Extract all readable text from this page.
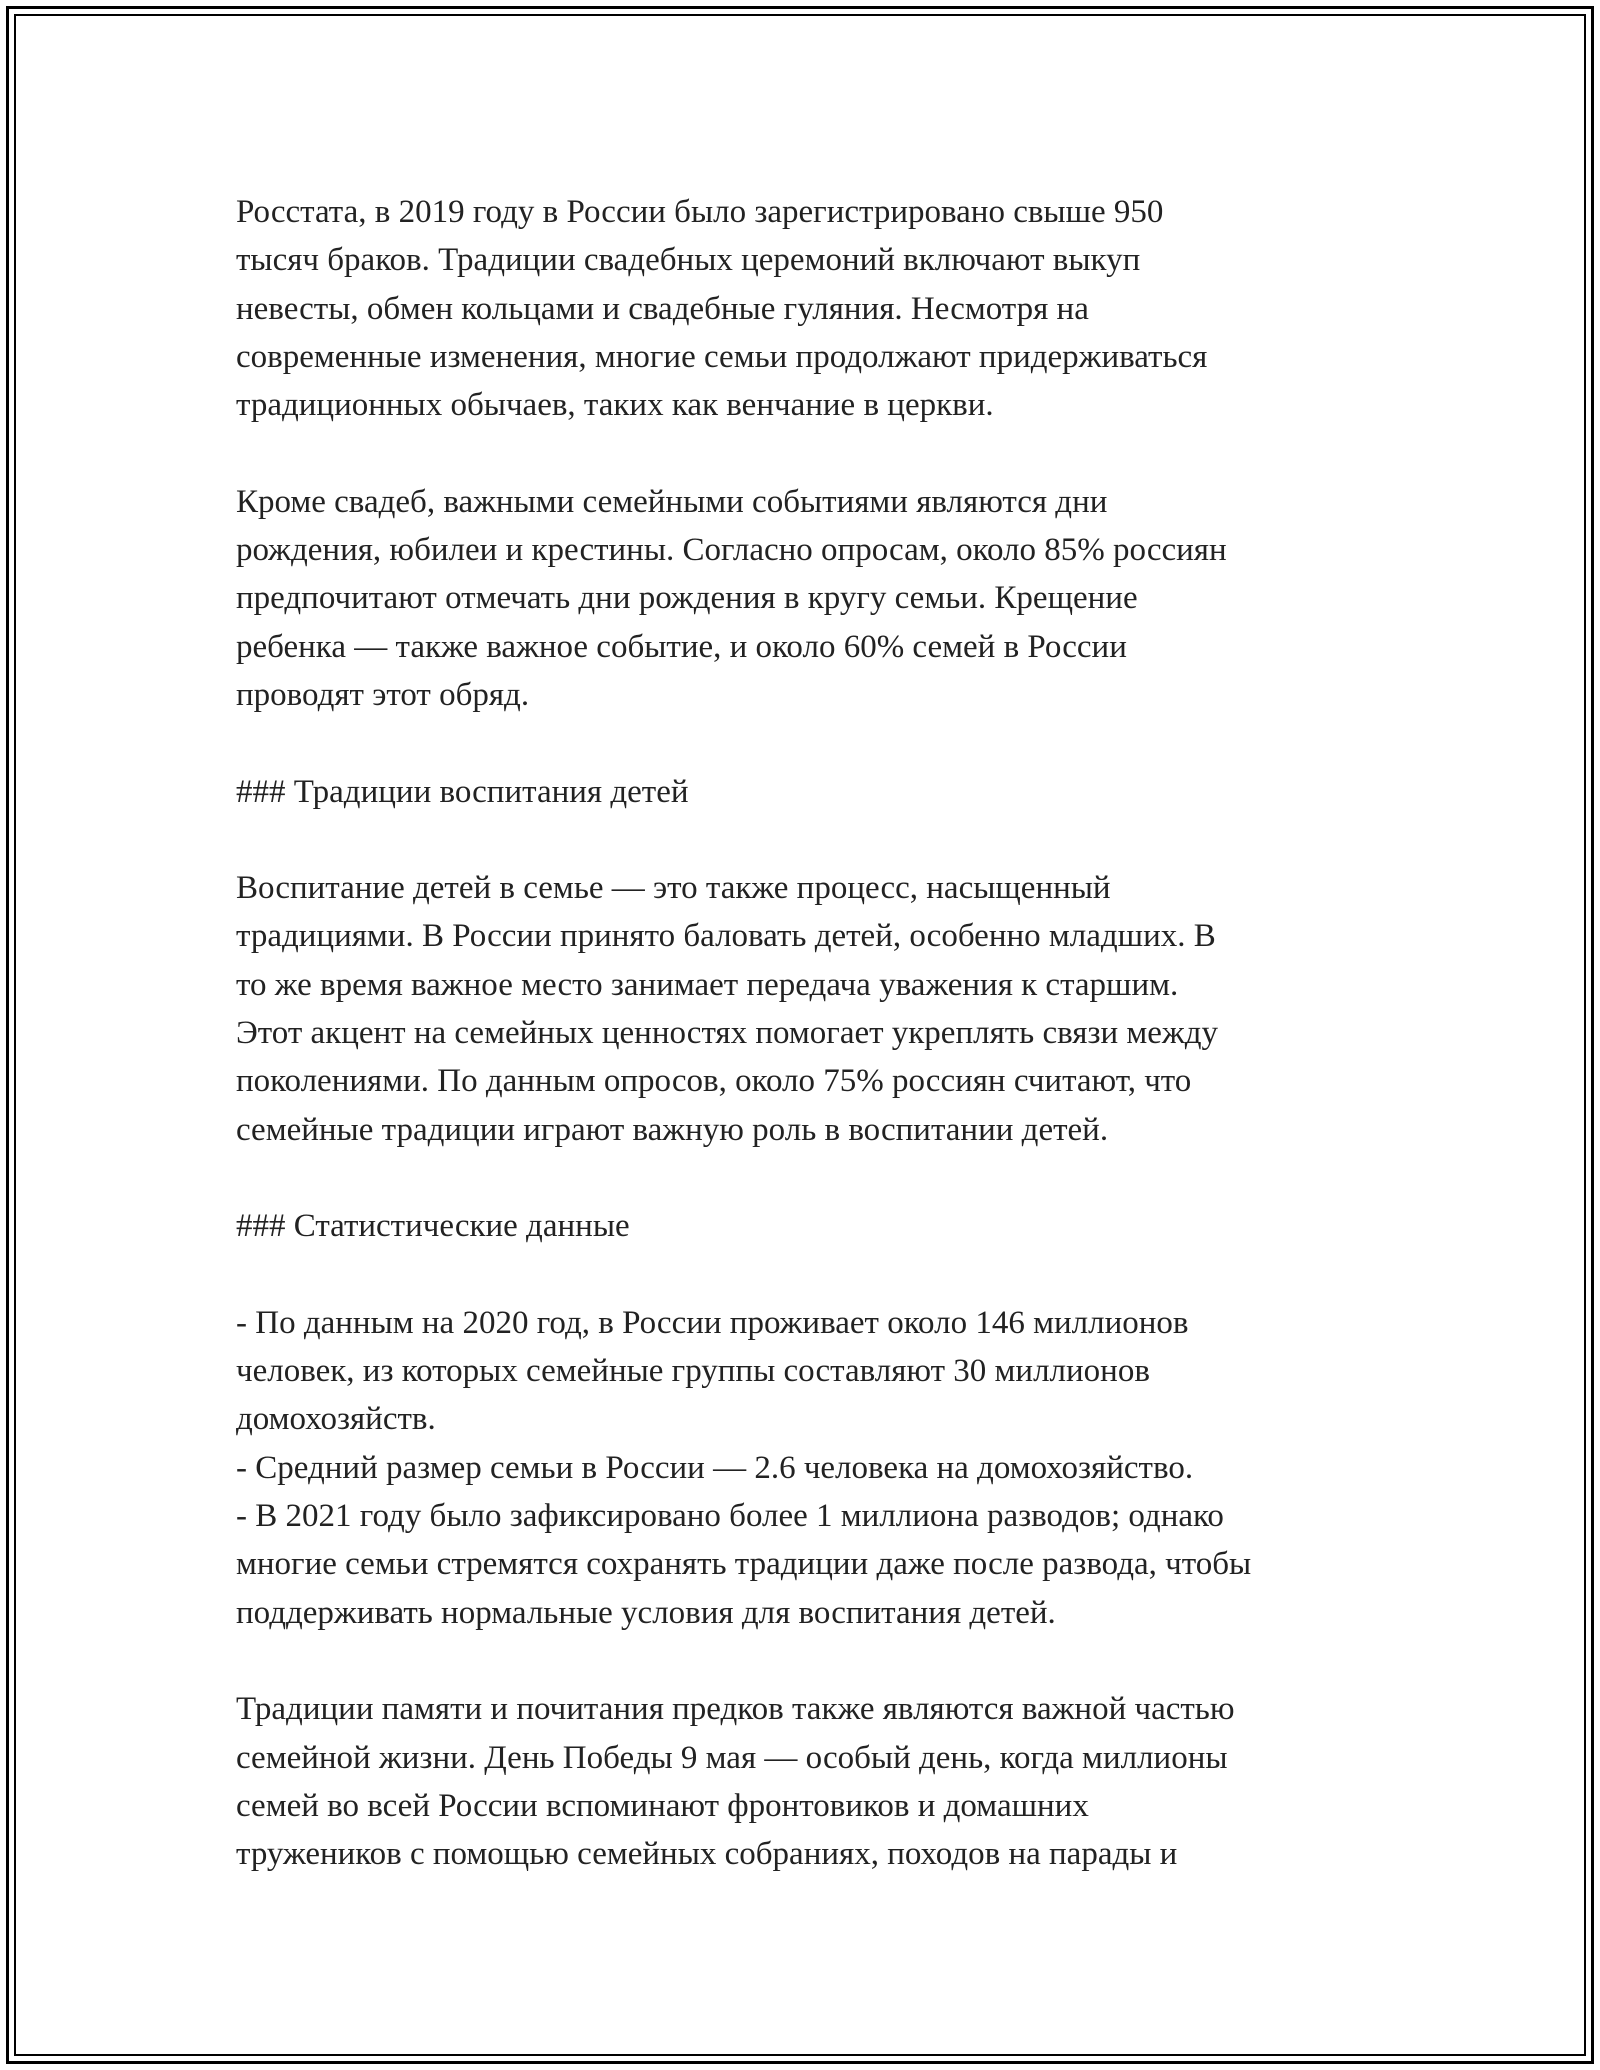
Росстата, в 2019 году в России было зарегистрировано свыше 950
тысяч браков. Традиции свадебных церемоний включают выкуп
невесты, обмен кольцами и свадебные гуляния. Несмотря на
современные изменения, многие семьи продолжают придерживаться
традиционных обычаев, таких как венчание в церкви.

Кроме свадеб, важными семейными событиями являются дни
рождения, юбилеи и крестины. Согласно опросам, около 85% россиян
предпочитают отмечать дни рождения в кругу семьи. Крещение
ребенка — также важное событие, и около 60% семей в России
проводят этот обряд.

### Традиции воспитания детей

Воспитание детей в семье — это также процесс, насыщенный
традициями. В России принято баловать детей, особенно младших. В
то же время важное место занимает передача уважения к старшим.
Этот акцент на семейных ценностях помогает укреплять связи между
поколениями. По данным опросов, около 75% россиян считают, что
семейные традиции играют важную роль в воспитании детей.

### Статистические данные
- По данным на 2020 год, в России проживает около 146 миллионов
человек, из которых семейные группы составляют 30 миллионов
домохозяйств.
- Средний размер семьи в России — 2.6 человека на домохозяйство.
- В 2021 году было зафиксировано более 1 миллиона разводов; однако
многие семьи стремятся сохранять традиции даже после развода, чтобы
поддерживать нормальные условия для воспитания детей.

Традиции памяти и почитания предков также являются важной частью
семейной жизни. День Победы 9 мая — особый день, когда миллионы
семей во всей России вспоминают фронтовиков и домашних
тружеников с помощью семейных собраниях, походов на парады и
